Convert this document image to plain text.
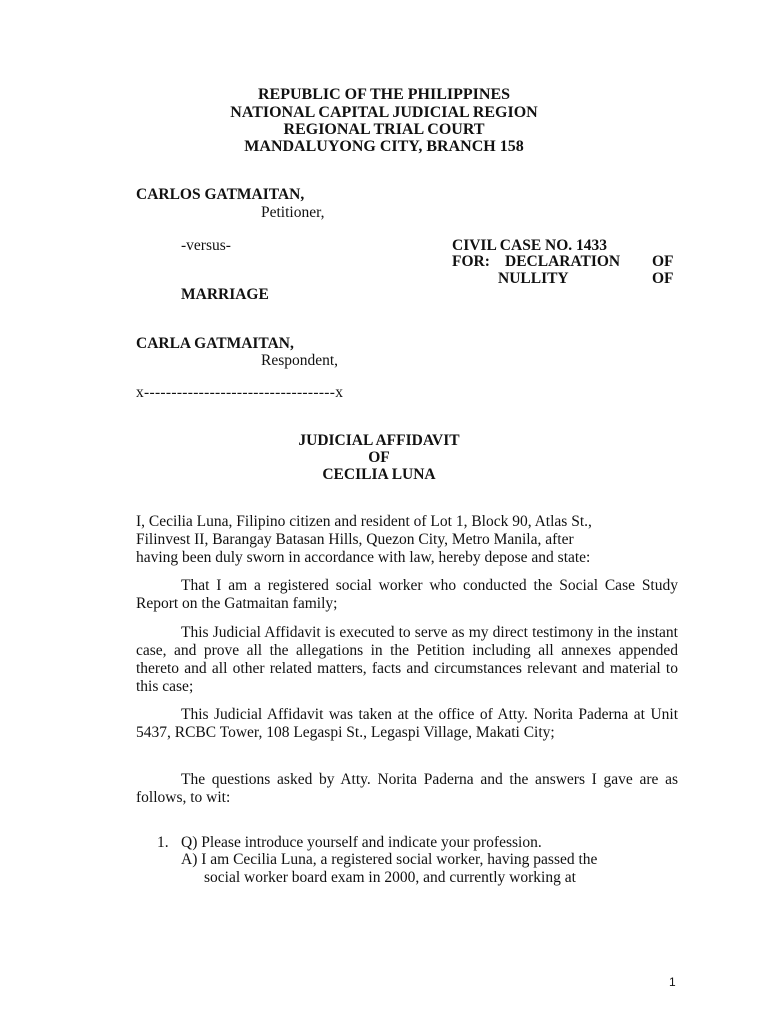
REPUBLIC OF THE PHILIPPINES
NATIONAL CAPITAL JUDICIAL REGION
REGIONAL TRIAL COURT
MANDALUYONG CITY, BRANCH 158
CARLOS GATMAITAN,
Petitioner,
-versus-	CIVIL CASE NO. 1433
FOR: DECLARATION OF
NULLITY	OF
MARRIAGE
CARLA GATMAITAN,
Respondent,
x-----------------------------------x
JUDICIAL AFFIDAVIT
OF
CECILIA LUNA
I, Cecilia Luna, Filipino citizen and resident of Lot 1, Block 90, Atlas St.,
Filinvest II, Barangay Batasan Hills, Quezon City, Metro Manila, after
having been duly sworn in accordance with law, hereby depose and state:
That I am a registered social worker who conducted the Social Case Study Report on the Gatmaitan family;
This Judicial Affidavit is executed to serve as my direct testimony in the instant case, and prove all the allegations in the Petition including all annexes appended thereto and all other related matters, facts and circumstances relevant and material to this case;
This Judicial Affidavit was taken at the office of Atty. Norita Paderna at Unit 5437, RCBC Tower, 108 Legaspi St., Legaspi Village, Makati City;
The questions asked by Atty. Norita Paderna and the answers I gave are as follows, to wit:
1. Q) Please introduce yourself and indicate your profession.
A) I am Cecilia Luna, a registered social worker, having passed the
social worker board exam in 2000, and currently working at
1
